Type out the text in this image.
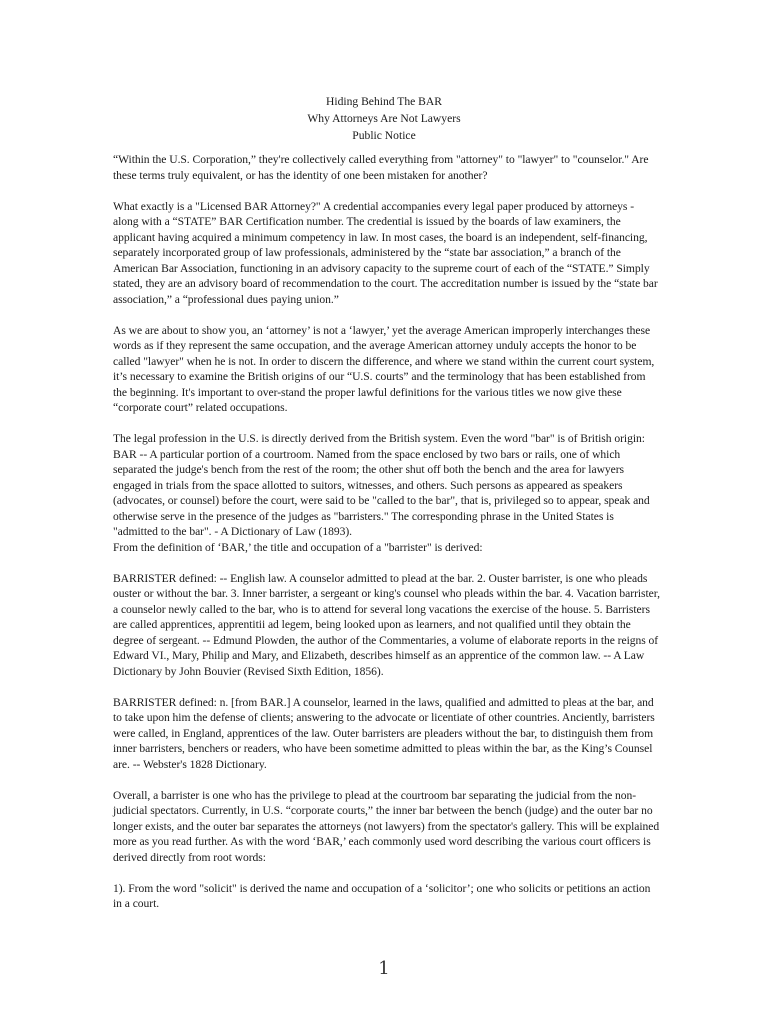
Hiding Behind The BAR
Why Attorneys Are Not Lawyers
Public Notice

“Within the U.S. Corporation,” they're collectively called everything from "attorney" to "lawyer" to "counselor." Are these terms truly equivalent, or has the identity of one been mistaken for another?

What exactly is a "Licensed BAR Attorney?" A credential accompanies every legal paper produced by attorneys - along with a “STATE” BAR Certification number. The credential is issued by the boards of law examiners, the applicant having acquired a minimum competency in law. In most cases, the board is an independent, self-financing, separately incorporated group of law professionals, administered by the “state bar association,” a branch of the American Bar Association, functioning in an advisory capacity to the supreme court of each of the “STATE.” Simply stated, they are an advisory board of recommendation to the court. The accreditation number is issued by the “state bar association,” a “professional dues paying union.”

As we are about to show you, an ‘attorney’ is not a ‘lawyer,’ yet the average American improperly interchanges these words as if they represent the same occupation, and the average American attorney unduly accepts the honor to be called "lawyer" when he is not. In order to discern the difference, and where we stand within the current court system, it’s necessary to examine the British origins of our “U.S. courts” and the terminology that has been established from the beginning. It's important to over-stand the proper lawful definitions for the various titles we now give these “corporate court” related occupations.

The legal profession in the U.S. is directly derived from the British system. Even the word "bar" is of British origin: BAR -- A particular portion of a courtroom. Named from the space enclosed by two bars or rails, one of which separated the judge's bench from the rest of the room; the other shut off both the bench and the area for lawyers engaged in trials from the space allotted to suitors, witnesses, and others. Such persons as appeared as speakers (advocates, or counsel) before the court, were said to be "called to the bar", that is, privileged so to appear, speak and otherwise serve in the presence of the judges as "barristers." The corresponding phrase in the United States is "admitted to the bar". - A Dictionary of Law (1893).

From the definition of ‘BAR,’ the title and occupation of a "barrister" is derived:

BARRISTER defined: -- English law. A counselor admitted to plead at the bar. 2. Ouster barrister, is one who pleads ouster or without the bar. 3. Inner barrister, a sergeant or king's counsel who pleads within the bar. 4. Vacation barrister, a counselor newly called to the bar, who is to attend for several long vacations the exercise of the house. 5. Barristers are called apprentices, apprentitii ad legem, being looked upon as learners, and not qualified until they obtain the degree of sergeant. -- Edmund Plowden, the author of the Commentaries, a volume of elaborate reports in the reigns of Edward VI., Mary, Philip and Mary, and Elizabeth, describes himself as an apprentice of the common law. -- A Law Dictionary by John Bouvier (Revised Sixth Edition, 1856).

BARRISTER defined: n. [from BAR.] A counselor, learned in the laws, qualified and admitted to pleas at the bar, and to take upon him the defense of clients; answering to the advocate or licentiate of other countries. Anciently, barristers were called, in England, apprentices of the law. Outer barristers are pleaders without the bar, to distinguish them from inner barristers, benchers or readers, who have been sometime admitted to pleas within the bar, as the King’s Counsel are. -- Webster's 1828 Dictionary.

Overall, a barrister is one who has the privilege to plead at the courtroom bar separating the judicial from the non-judicial spectators. Currently, in U.S. “corporate courts,” the inner bar between the bench (judge) and the outer bar no longer exists, and the outer bar separates the attorneys (not lawyers) from the spectator's gallery. This will be explained more as you read further. As with the word ‘BAR,’ each commonly used word describing the various court officers is derived directly from root words:

1). From the word "solicit" is derived the name and occupation of a ‘solicitor’; one who solicits or petitions an action in a court.

1
